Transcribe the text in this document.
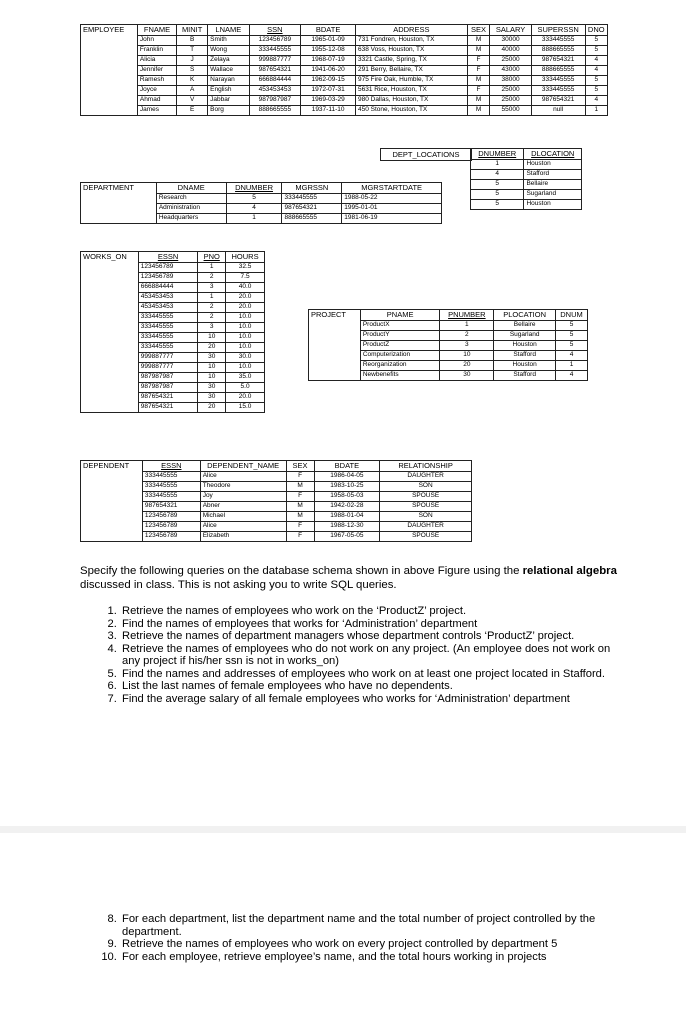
EMPLOYEE	FNAME	MINIT	LNAME	SSN	BDATE	ADDRESS	SEX	SALARY	SUPERSSN	DNO
	John	B	Smith	123456789	1965-01-09	731 Fondren, Houston, TX	M	30000	333445555	5
	Franklin	T	Wong	333445555	1955-12-08	638 Voss, Houston, TX	M	40000	888665555	5
	Alicia	J	Zelaya	999887777	1968-07-19	3321 Castle, Spring, TX	F	25000	987654321	4
	Jennifer	S	Wallace	987654321	1941-06-20	291 Berry, Bellaire, TX	F	43000	888665555	4
	Ramesh	K	Narayan	666884444	1962-09-15	975 Fire Oak, Humble, TX	M	38000	333445555	5
	Joyce	A	English	453453453	1972-07-31	5631 Rice, Houston, TX	F	25000	333445555	5
	Ahmad	V	Jabbar	987987987	1969-03-29	980 Dallas, Houston, TX	M	25000	987654321	4
	James	E	Borg	888665555	1937-11-10	450 Stone, Houston, TX	M	55000	null	1
DEPT_LOCATIONS	DNUMBER	DLOCATION
1	Houston
4	Stafford
5	Bellaire
5	Sugarland
5	Houston
DEPARTMENT	DNAME	DNUMBER	MGRSSN	MGRSTARTDATE
	Research	5	333445555	1988-05-22
	Administration	4	987654321	1995-01-01
	Headquarters	1	888665555	1981-06-19
WORKS_ON	ESSN	PNO	HOURS
	123456789	1	32.5
	123456789	2	7.5
	666884444	3	40.0
	453453453	1	20.0
	453453453	2	20.0
	333445555	2	10.0
	333445555	3	10.0
	333445555	10	10.0
	333445555	20	10.0
	999887777	30	30.0
	999887777	10	10.0
	987987987	10	35.0
	987987987	30	5.0
	987654321	30	20.0
	987654321	20	15.0
PROJECT	PNAME	PNUMBER	PLOCATION	DNUM
	ProductX	1	Bellaire	5
	ProductY	2	Sugarland	5
	ProductZ	3	Houston	5
	Computerization	10	Stafford	4
	Reorganization	20	Houston	1
	Newbenefits	30	Stafford	4
DEPENDENT	ESSN	DEPENDENT_NAME	SEX	BDATE	RELATIONSHIP
	333445555	Alice	F	1986-04-05	DAUGHTER
	333445555	Theodore	M	1983-10-25	SON
	333445555	Joy	F	1958-05-03	SPOUSE
	987654321	Abner	M	1942-02-28	SPOUSE
	123456789	Michael	M	1988-01-04	SON
	123456789	Alice	F	1988-12-30	DAUGHTER
	123456789	Elizabeth	F	1967-05-05	SPOUSE
Specify the following queries on the database schema shown in above Figure using the relational algebra discussed in class. This is not asking you to write SQL queries.
1. Retrieve the names of employees who work on the ‘ProductZ’ project.
2. Find the names of employees that works for ‘Administration’ department
3. Retrieve the names of department managers whose department controls ‘ProductZ’ project.
4. Retrieve the names of employees who do not work on any project. (An employee does not work on any project if his/her ssn is not in works_on)
5. Find the names and addresses of employees who work on at least one project located in Stafford.
6. List the last names of female employees who have no dependents.
7. Find the average salary of all female employees who works for ‘Administration’ department
8. For each department, list the department name and the total number of project controlled by the department.
9. Retrieve the names of employees who work on every project controlled by department 5
10. For each employee, retrieve employee’s name, and the total hours working in projects
